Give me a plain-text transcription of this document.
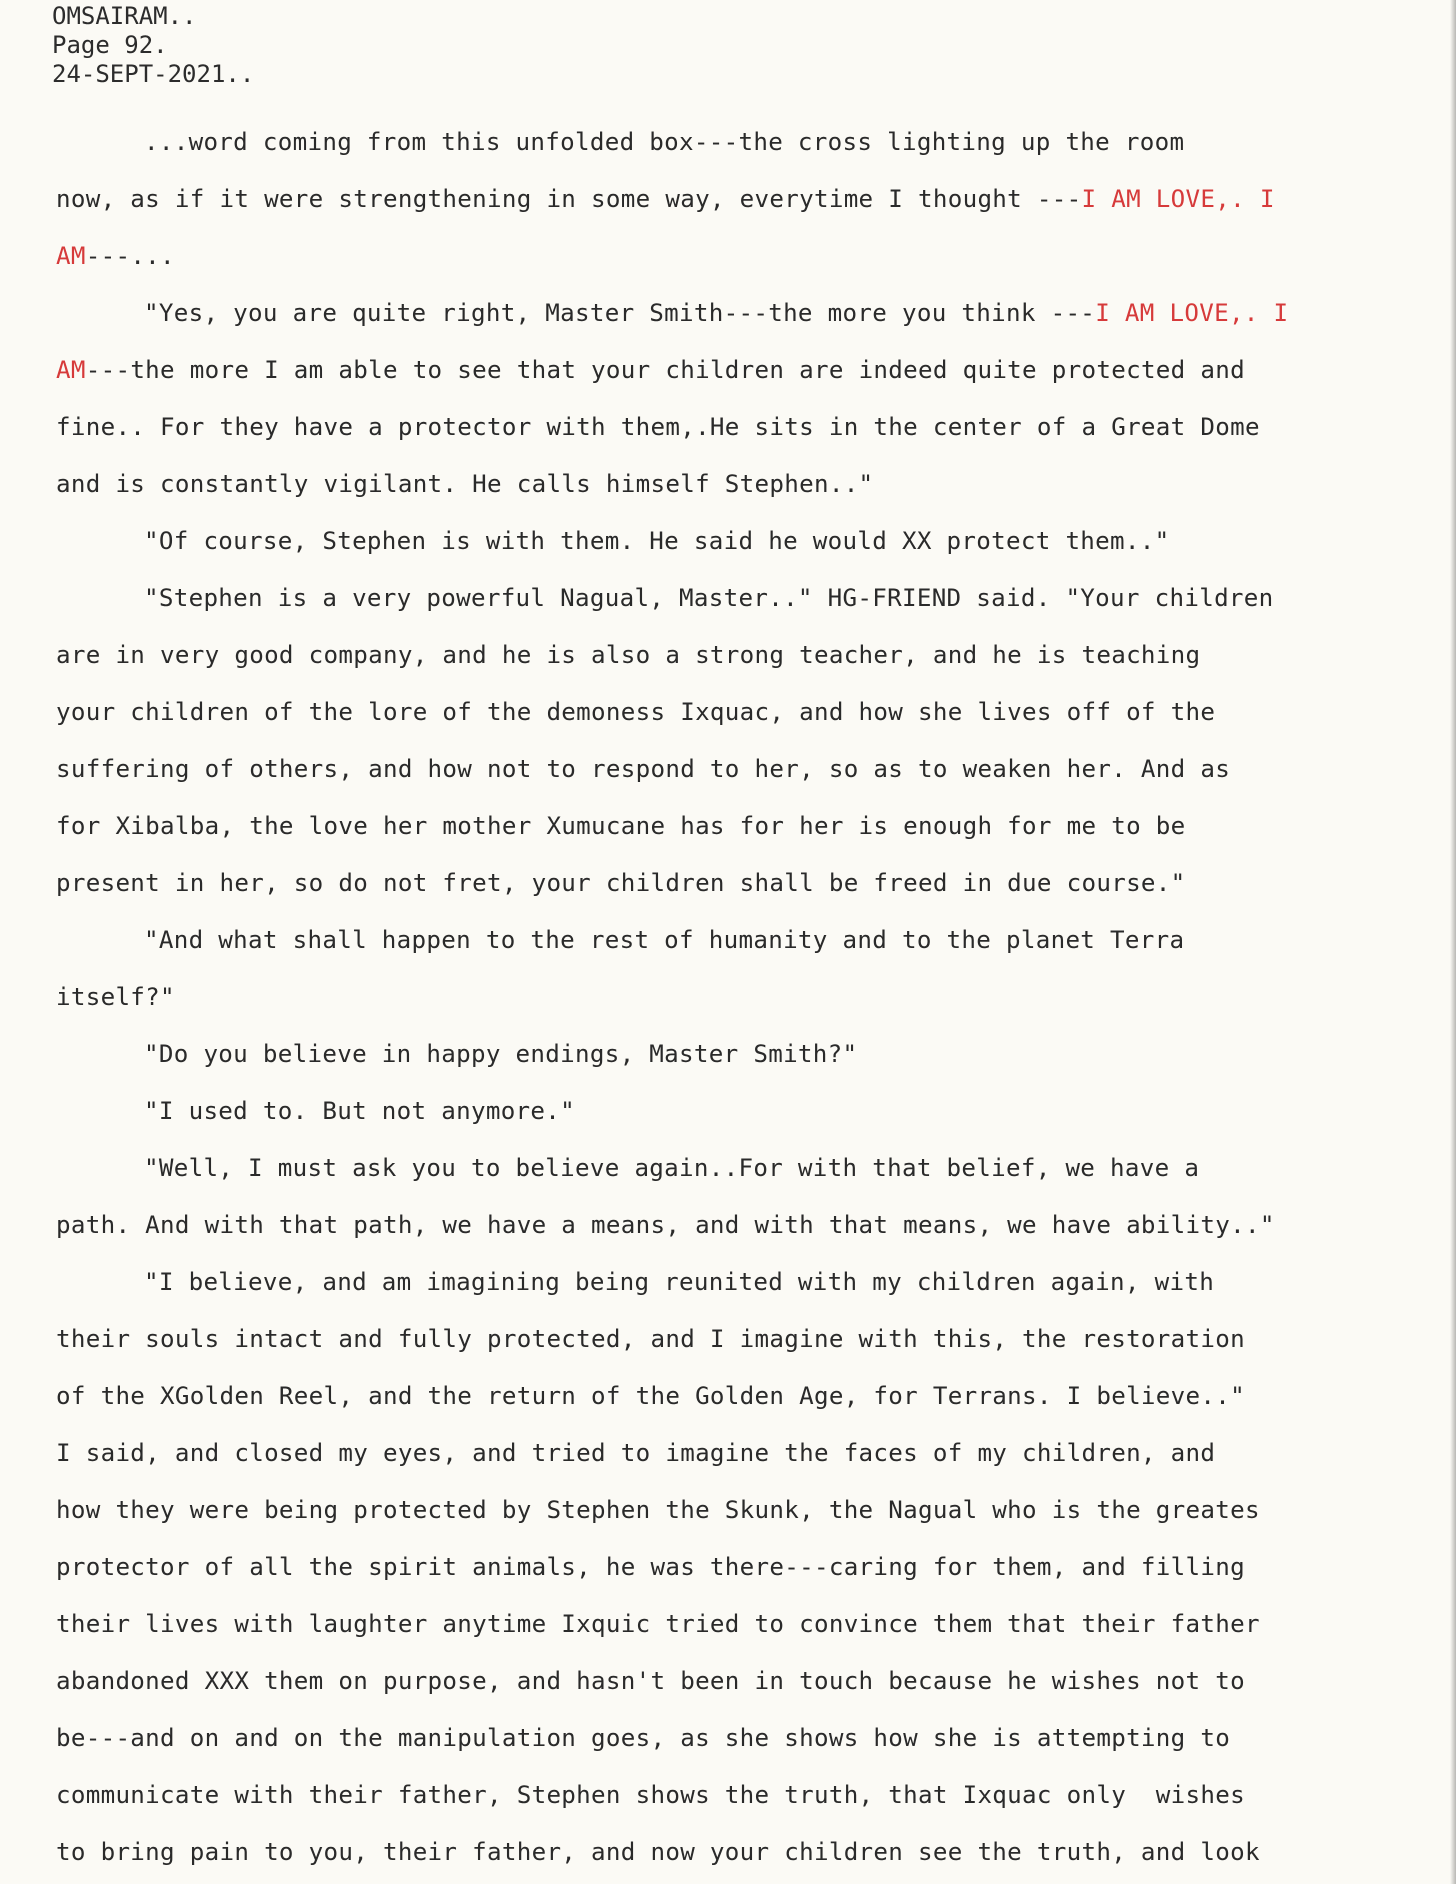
OMSAIRAM..
Page 92.
24-SEPT-2021..
...word coming from this unfolded box---the cross lighting up the room
now, as if it were strengthening in some way, everytime I thought ---I AM LOVE,. I
AM---...
"Yes, you are quite right, Master Smith---the more you think ---I AM LOVE,. I
AM---the more I am able to see that your children are indeed quite protected and
fine.. For they have a protector with them,.He sits in the center of a Great Dome
and is constantly vigilant. He calls himself Stephen.."
"Of course, Stephen is with them. He said he would XX protect them.."
"Stephen is a very powerful Nagual, Master.." HG-FRIEND said. "Your children
are in very good company, and he is also a strong teacher, and he is teaching
your children of the lore of the demoness Ixquac, and how she lives off of the
suffering of others, and how not to respond to her, so as to weaken her. And as
for Xibalba, the love her mother Xumucane has for her is enough for me to be
present in her, so do not fret, your children shall be freed in due course."
"And what shall happen to the rest of humanity and to the planet Terra
itself?"
"Do you believe in happy endings, Master Smith?"
"I used to. But not anymore."
"Well, I must ask you to believe again..For with that belief, we have a
path. And with that path, we have a means, and with that means, we have ability.."
"I believe, and am imagining being reunited with my children again, with
their souls intact and fully protected, and I imagine with this, the restoration
of the XGolden Reel, and the return of the Golden Age, for Terrans. I believe.."
I said, and closed my eyes, and tried to imagine the faces of my children, and
how they were being protected by Stephen the Skunk, the Nagual who is the greates
protector of all the spirit animals, he was there---caring for them, and filling
their lives with laughter anytime Ixquic tried to convince them that their father
abandoned XXX them on purpose, and hasn't been in touch because he wishes not to
be---and on and on the manipulation goes, as she shows how she is attempting to
communicate with their father, Stephen shows the truth, that Ixquac only  wishes
to bring pain to you, their father, and now your children see the truth, and look
